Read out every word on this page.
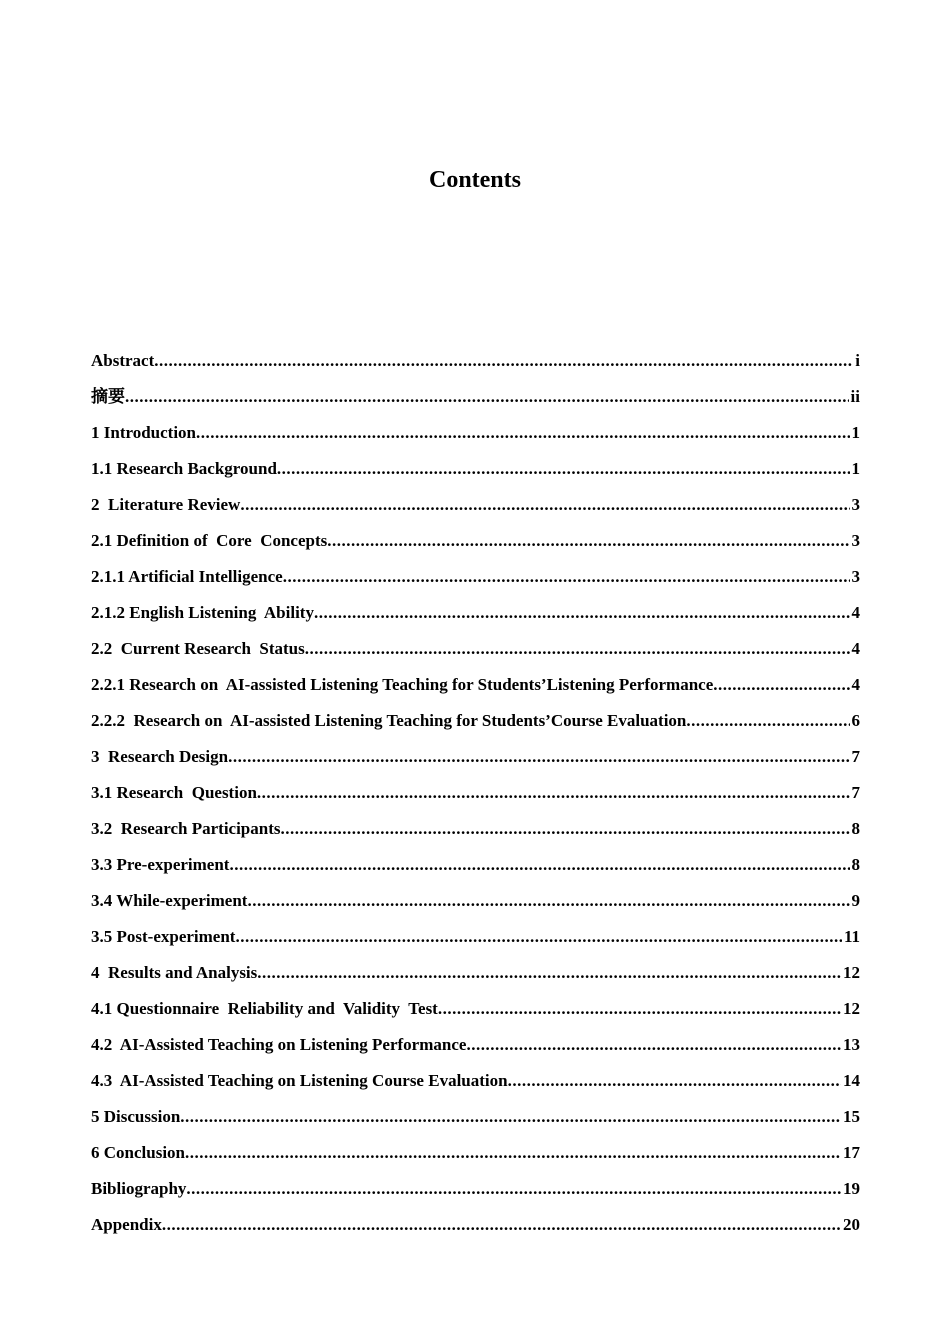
Contents
Abstract .....	i
摘要 .....	ii
1 Introduction .....	1
1.1 Research Background .....	1
2  Literature Review .....	3
2.1 Definition of  Core  Concepts .....	3
2.1.1 Artificial Intelligence .....	3
2.1.2 English Listening  Ability .....	4
2.2  Current Research  Status .....	4
2.2.1 Research on  AI-assisted Listening Teaching for Students’Listening Performance .....	4
2.2.2  Research on  AI-assisted Listening Teaching for Students’Course Evaluation .....	6
3  Research Design .....	7
3.1 Research  Question .....	7
3.2  Research Participants .....	8
3.3 Pre-experiment .....	8
3.4 While-experiment .....	9
3.5 Post-experiment .....	11
4  Results and Analysis .....	12
4.1 Questionnaire  Reliability and  Validity  Test .....	12
4.2  AI-Assisted Teaching on Listening Performance .....	13
4.3  AI-Assisted Teaching on Listening Course Evaluation .....	14
5 Discussion .....	15
6 Conclusion .....	17
Bibliography .....	19
Appendix .....	20
